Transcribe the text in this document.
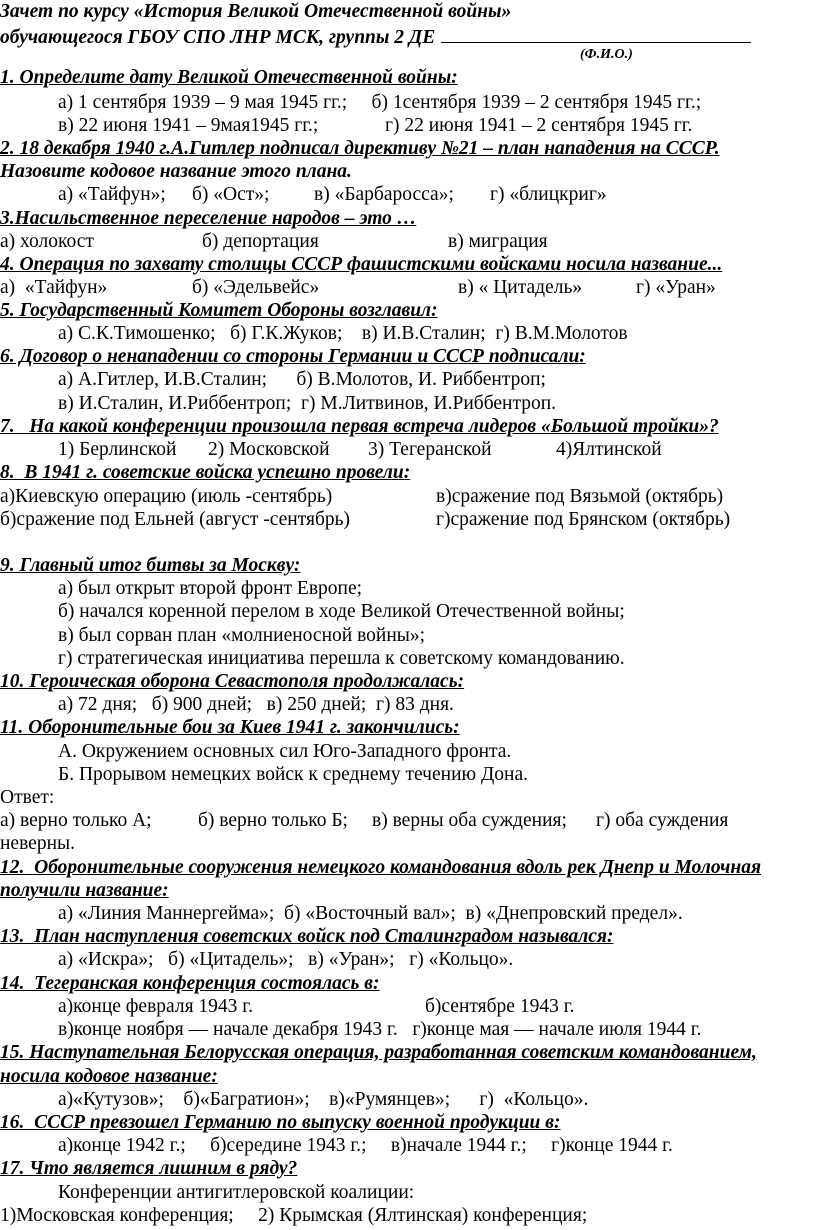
Зачет по курсу «История Великой Отечественной войны»
обучающегося ГБОУ СПО ЛНР МСК, группы 2 ДЕ
(Ф.И.О.)
1. Определите дату Великой Отечественной войны:
а) 1 сентября 1939 – 9 мая 1945 гг.;     б) 1сентября 1939 – 2 сентября 1945 гг.;
в) 22 июня 1941 – 9мая1945 гг.;	г) 22 июня 1941 – 2 сентября 1945 гг.
2. 18 декабря 1940 г.А.Гитлер подписал директиву №21 – план нападения на СССР.
Назовите кодовое название этого плана.
а) «Тайфун»; б) «Ост»; в) «Барбаросса»; г) «блицкриг»
3.Насильственное переселение народов – это …
а) холокост	б) депортация	в) миграция
4. Операция по захвату столицы СССР фашистскими войсками носила название...
а)  «Тайфун»	б) «Эдельвейс»	в) « Цитадель»	г) «Уран»
5. Государственный Комитет Обороны возглавил:
а) С.К.Тимошенко;   б) Г.К.Жуков;    в) И.В.Сталин;  г) В.М.Молотов
6. Договор о ненападении со стороны Германии и СССР подписали:
а) А.Гитлер, И.В.Сталин;      б) В.Молотов, И. Риббентроп;
в) И.Сталин, И.Риббентроп;  г) М.Литвинов, И.Риббентроп.
7.   На какой конференции произошла первая встреча лидеров «Большой тройки»?
1) Берлинской 2) Московской 3) Тегеранской	4)Ялтинской
8.  В 1941 г. советские войска успешно провели:
а)Киевскую операцию (июль -сентябрь)	в)сражение под Вязьмой (октябрь)
б)сражение под Ельней (август -сентябрь)	г)сражение под Брянском (октябрь)
9. Главный итог битвы за Москву:
а) был открыт второй фронт Европе;
б) начался коренной перелом в ходе Великой Отечественной войны;
в) был сорван план «молниеносной войны»;
г) стратегическая инициатива перешла к советскому командованию.
10. Героическая оборона Севастополя продолжалась:
а) 72 дня;   б) 900 дней;   в) 250 дней;  г) 83 дня.
11. Оборонительные бои за Киев 1941 г. закончились:
А. Окружением основных сил Юго-Западного фронта.
Б. Прорывом немецких войск к среднему течению Дона.
Ответ:
а) верно только А; б) верно только Б; в) верны оба суждения; г) оба суждения
неверны.
12.  Оборонительные сооружения немецкого командования вдоль рек Днепр и Молочная
получили название:
а) «Линия Маннергейма»;  б) «Восточный вал»;  в) «Днепровский предел».
13.  План наступления советских войск под Сталинградом назывался:
а) «Искра»;   б) «Цитадель»;   в) «Уран»;   г) «Кольцо».
14.  Тегеранская конференция состоялась в:
а)конце февраля 1943 г.	б)сентябре 1943 г.
в)конце ноября — начале декабря 1943 г.   г)конце мая — начале июля 1944 г.
15. Наступательная Белорусская операция, разработанная советским командованием,
носила кодовое название:
а)«Кутузов»;    б)«Багратион»;    в)«Румянцев»;      г)  «Кольцо».
16.  СССР превзошел Германию по выпуску военной продукции в:
а)конце 1942 г.;     б)середине 1943 г.;     в)начале 1944 г.;     г)конце 1944 г.
17. Что является лишним в ряду?
Конференции антигитлеровской коалиции:
1)Московская конференция;     2) Крымская (Ялтинская) конференция;
